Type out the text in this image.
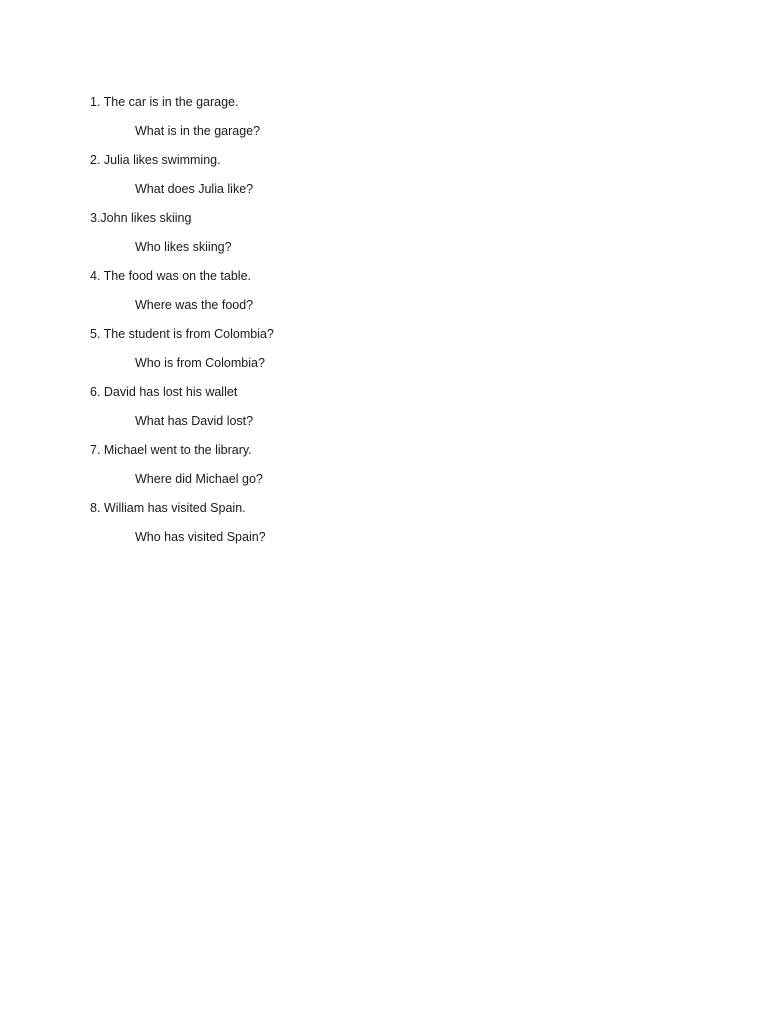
1. The car is in the garage.
What is in the garage?
2. Julia likes swimming.
What does Julia like?
3.John likes skiing
Who likes skiing?
4. The food was on the table.
Where was the food?
5. The student is from Colombia?
Who is from Colombia?
6. David has lost his wallet
What has David lost?
7. Michael went to the library.
Where did Michael go?
8. William has visited Spain.
Who has visited Spain?
